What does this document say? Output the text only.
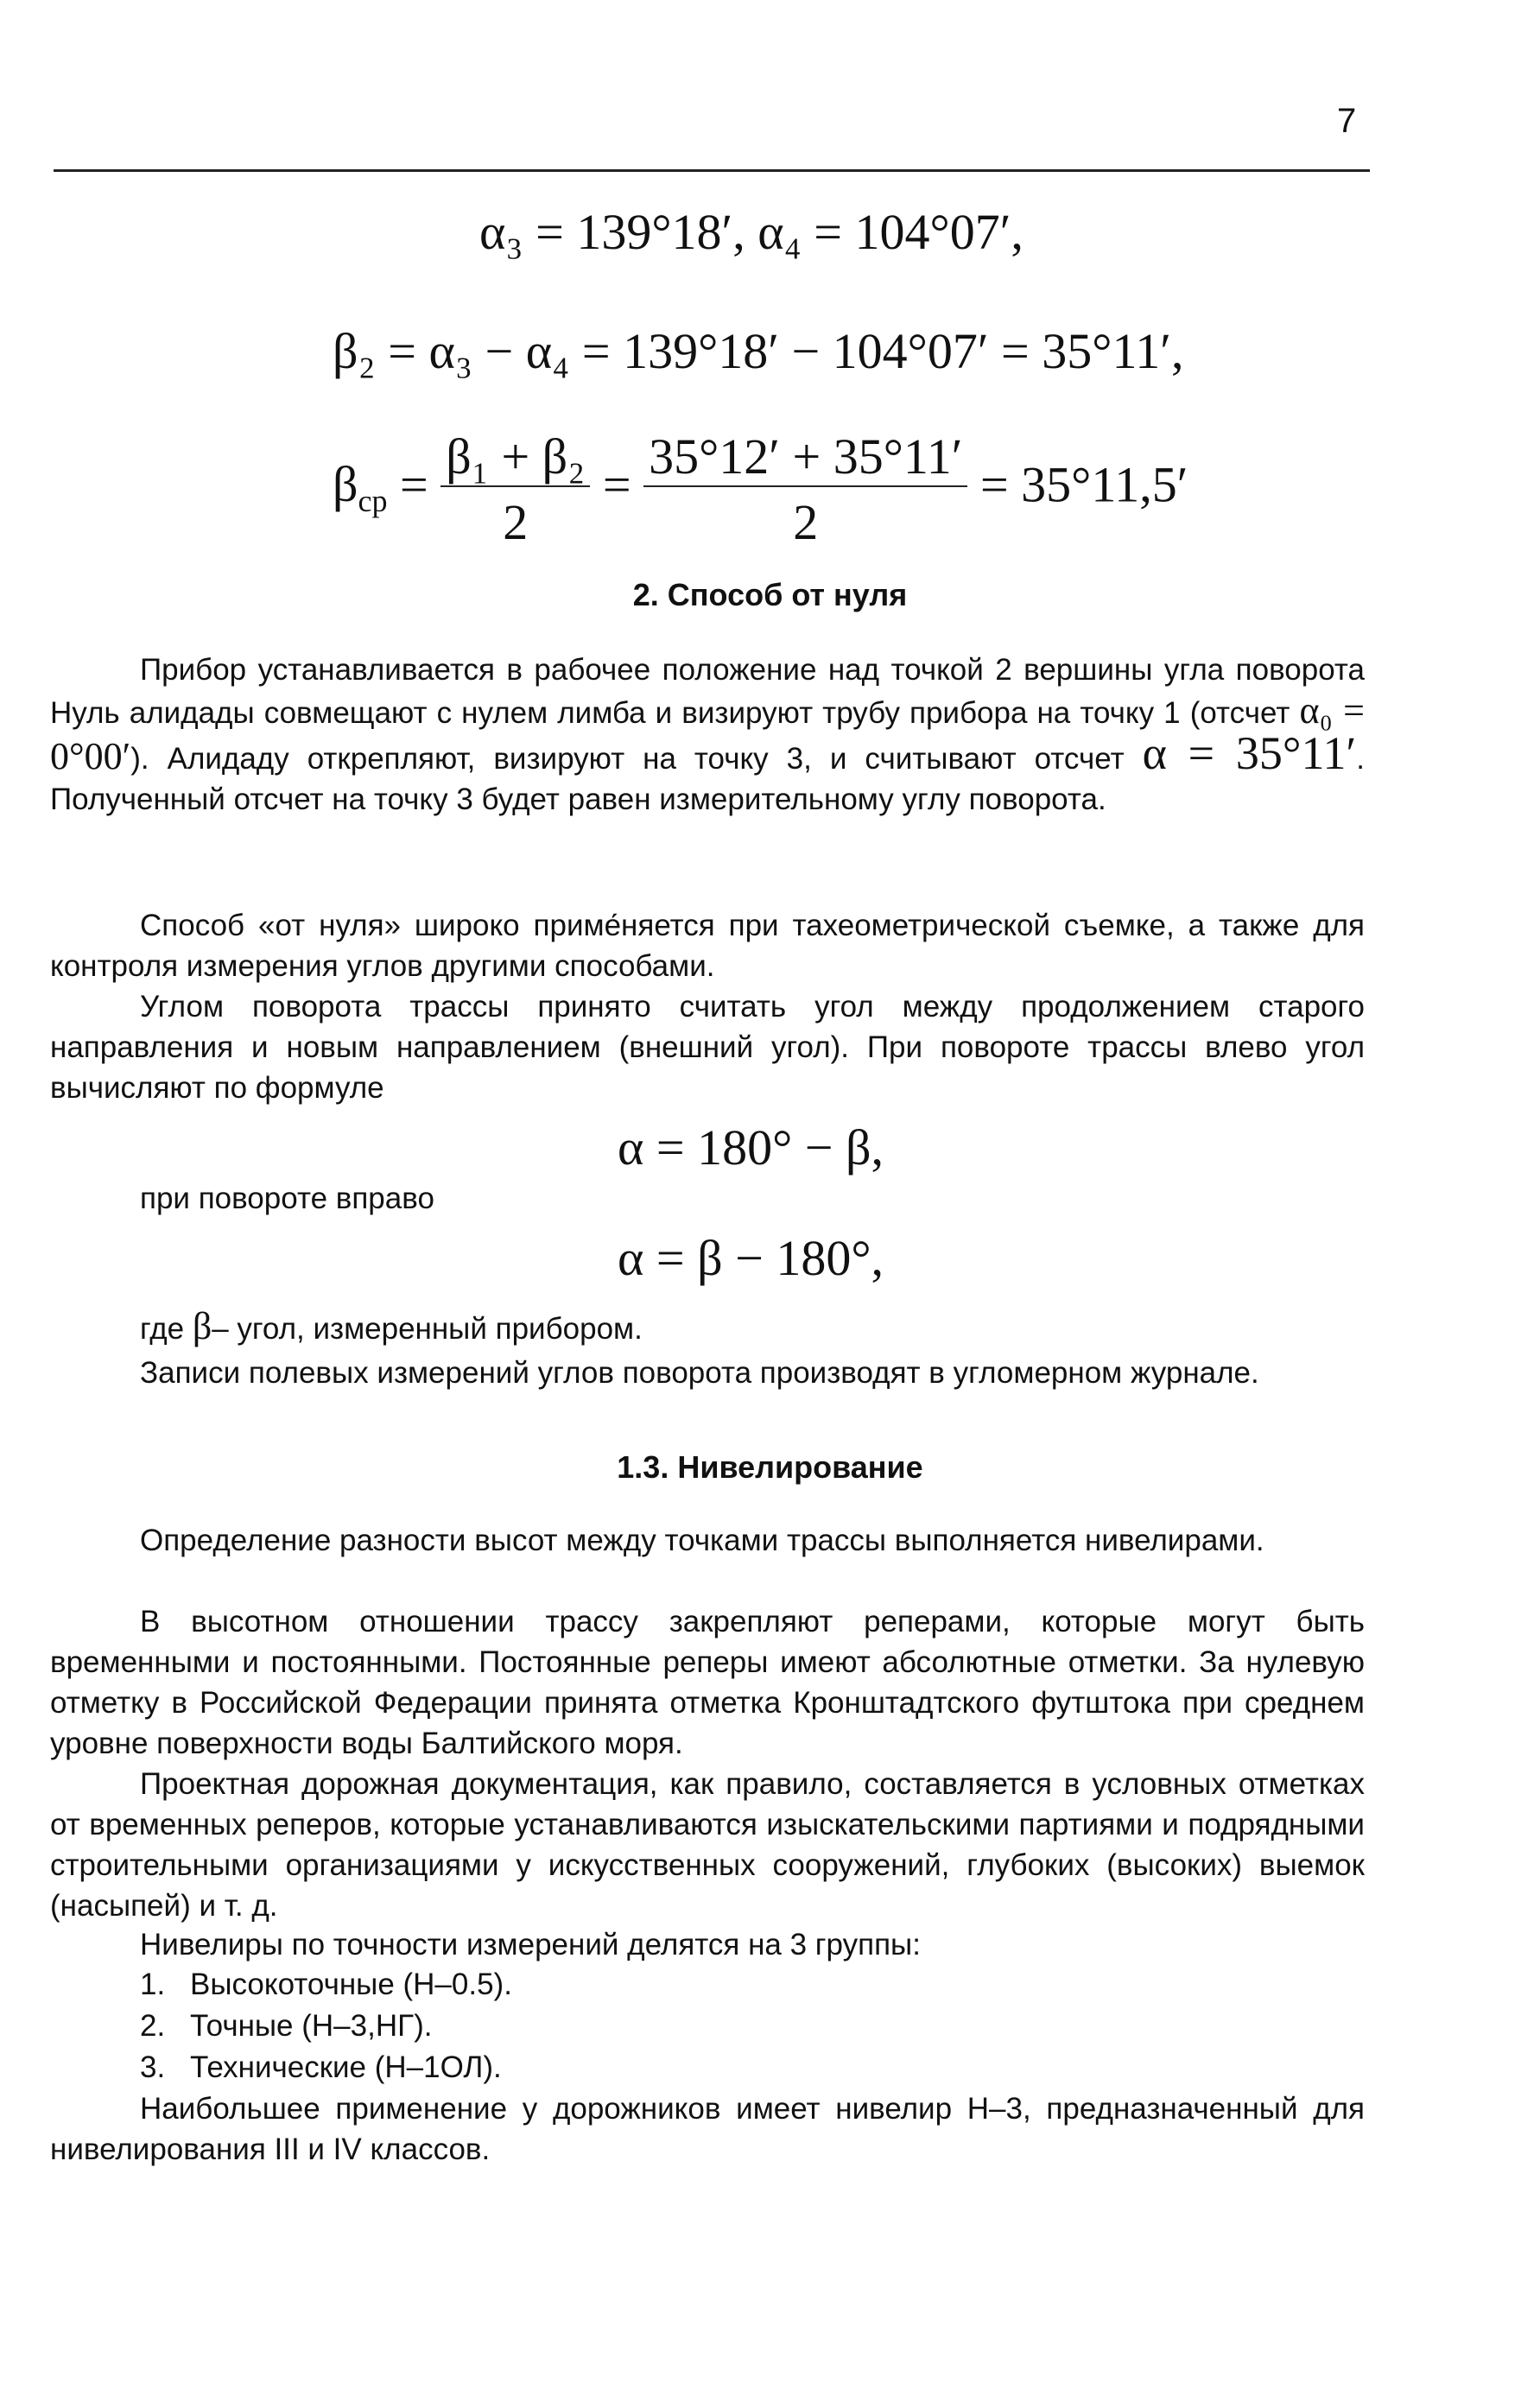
7
α₃ = 139°18′, α₄ = 104°07′,
β₂ = α₃ − α₄ = 139°18′ − 104°07′ = 35°11′,
$\beta_{ср} = \frac{\text{β₁ + β₂}}{2} = \frac{35^\circ 12' + 35^\circ 11'}{2} = 35^\circ 11,5'$
2. Способ от нуля
Прибор устанавливается в рабочее положение над точкой 2 вершины угла поворота Нуль алидады совмещают с нулем лимба и визируют трубу прибора на точку 1 (отсчет α₀ = 0°00′). Алидаду открепляют, визируют на точку 3, и считывают отсчет α = 35°11′. Полученный отсчет на точку 3 будет равен измерительному углу поворота.
Способ «от нуля» широко приме́няется при тахеометрической съемке, а также для контроля измерения углов другими способами.
Углом поворота трассы принято считать угол между продолжением старого направления и новым направлением (внешний угол). При повороте трассы влево угол вычисляют по формуле
α = 180° − β,
при повороте вправо
α = β − 180°,
где β– угол, измеренный прибором.
Записи полевых измерений углов поворота производят в угломерном журнале.
1.3. Нивелирование
Определение разности высот между точками трассы выполняется нивелирами.
В высотном отношении трассу закрепляют реперами, которые могут быть временными и постоянными. Постоянные реперы имеют абсолютные отметки. За нулевую отметку в Российской Федерации принята отметка Кронштадтского футштока при среднем уровне поверхности воды Балтийского моря.
Проектная дорожная документация, как правило, составляется в условных отметках от временных реперов, которые устанавливаются изыскательскими партиями и подрядными строительными организациями у искусственных сооружений, глубоких (высоких) выемок (насыпей) и т. д.
Нивелиры по точности измерений делятся на 3 группы:
1. Высокоточные (Н–0.5).
2. Точные (Н–3,НГ).
3. Технические (Н–1ОЛ).
Наибольшее применение у дорожников имеет нивелир Н–3, предназначенный для нивелирования III и IV классов.
